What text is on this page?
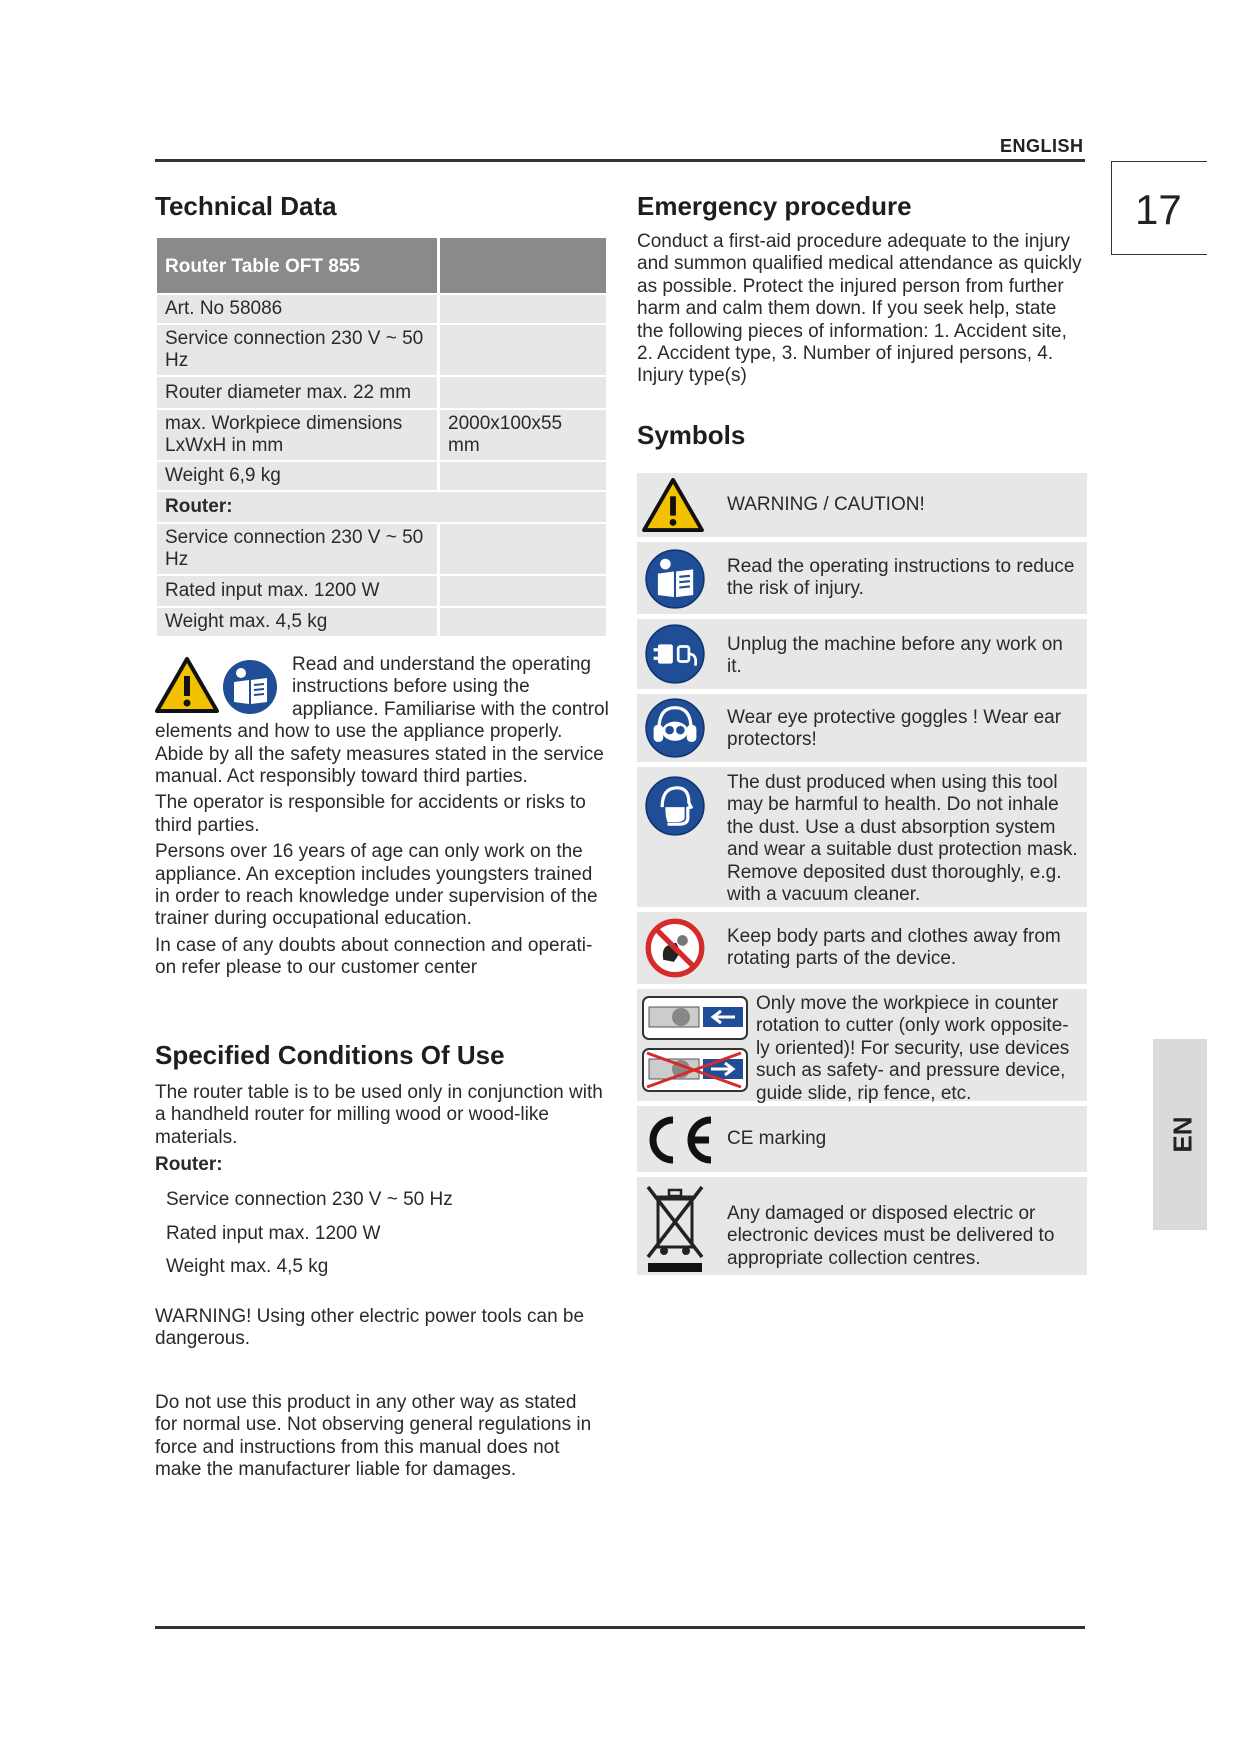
ENGLISH
17
EN
Technical Data
Router Table OFT 855	
Art. No 58086	
Service connection 230 V ~ 50 Hz	
Router diameter max. 22 mm	
max. Workpiece dimensions LxWxH in mm	2000x100x55 mm
Weight 6,9 kg	
Router:	
Service connection 230 V ~ 50 Hz	
Rated input max. 1200 W	
Weight max. 4,5 kg	
Read and understand the operating instructions before using the appliance. Familiarise with the control elements and how to use the appliance properly. Abide by all the safety measures stated in the service manual. Act responsibly toward third parties.
The operator is responsible for accidents or risks to third parties.
Persons over 16 years of age can only work on the appliance. An exception includes youngsters trained in order to reach knowledge under supervision of the trainer during occupational education.
In case of any doubts about connection and operati-on refer please to our customer center
Specified Conditions Of Use
The router table is to be used only in conjunction with a handheld router for milling wood or wood-like materials.
Router:
Service connection 230 V ~ 50 Hz
Rated input max. 1200 W
Weight max. 4,5 kg
WARNING! Using other electric power tools can be dangerous.
Do not use this product in any other way as stated for normal use. Not observing general regulations in force and instructions from this manual does not make the manufacturer liable for damages.
Emergency procedure
Conduct a first-aid procedure adequate to the injury and summon qualified medical attendance as quickly as possible. Protect the injured person from further harm and calm them down. If you seek help, state the following pieces of information: 1. Accident site, 2. Accident type, 3. Number of injured persons, 4. Injury type(s)
Symbols
WARNING / CAUTION!
Read the operating instructions to reduce the risk of injury.
Unplug the machine before any work on it.
Wear eye protective goggles ! Wear ear protectors!
The dust produced when using this tool may be harmful to health. Do not inhale the dust. Use a dust absorption system and wear a suitable dust protection mask. Remove deposited dust thoroughly, e.g. with a vacuum cleaner.
Keep body parts and clothes away from rotating parts of the device.
Only move the workpiece in counter rotation to cutter (only work opposite-ly oriented)! For security, use devices such as safety- and pressure device, guide slide, rip fence, etc.
CE marking
Any damaged or disposed electric or electronic devices must be delivered to appropriate collection centres.
